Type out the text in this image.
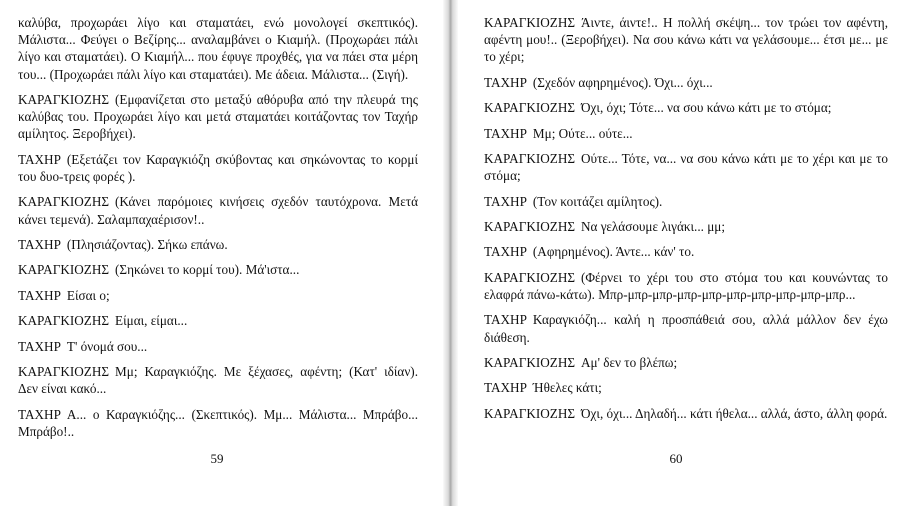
καλύβα, προχωράει λίγο και σταματάει, ενώ μονολογεί σκεπτικός). Μάλιστα... Φεύγει ο Βεζίρης... αναλαμβάνει ο Κιαμήλ. (Προχωράει πάλι λίγο και σταματάει). Ο Κιαμήλ... που έφυγε προχθές, για να πάει στα μέρη του... (Προχωράει πάλι λίγο και σταματάει). Με άδεια. Μάλιστα... (Σιγή).

ΚΑΡΑΓΚΙΟΖΗΣ (Εμφανίζεται στο μεταξύ αθόρυβα από την πλευρά της καλύβας του. Προχωράει λίγο και μετά σταματάει κοιτάζοντας τον Ταχήρ αμίλητος. Ξεροβήχει).

ΤΑΧΗΡ (Εξετάζει τον Καραγκιόζη σκύβοντας και σηκώνοντας το κορμί του δυο-τρεις φορές ).

ΚΑΡΑΓΚΙΟΖΗΣ (Κάνει παρόμοιες κινήσεις σχεδόν ταυτόχρονα. Μετά κάνει τεμενά). Σαλαμπαχαέρισον!..

ΤΑΧΗΡ (Πλησιάζοντας). Σήκω επάνω.

ΚΑΡΑΓΚΙΟΖΗΣ (Σηκώνει το κορμί του). Μά'ιστα...

ΤΑΧΗΡ Είσαι ο;

ΚΑΡΑΓΚΙΟΖΗΣ Είμαι, είμαι...

ΤΑΧΗΡ Τ' όνομά σου...

ΚΑΡΑΓΚΙΟΖΗΣ Μμ; Καραγκιόζης. Με ξέχασες, αφέντη; (Κατ' ιδίαν). Δεν είναι κακό...

ΤΑΧΗΡ Α... ο Καραγκιόζης... (Σκεπτικός). Μμ... Μάλιστα... Μπράβο... Μπράβο!..

59

ΚΑΡΑΓΚΙΟΖΗΣ Άιντε, άιντε!.. Η πολλή σκέψη... τον τρώει τον αφέντη, αφέντη μου!.. (Ξεροβήχει). Να σου κάνω κάτι να γελάσουμε... έτσι με... με το χέρι;

ΤΑΧΗΡ (Σχεδόν αφηρημένος). Όχι... όχι...

ΚΑΡΑΓΚΙΟΖΗΣ Όχι, όχι; Τότε... να σου κάνω κάτι με το στόμα;

ΤΑΧΗΡ Μμ; Ούτε... ούτε...

ΚΑΡΑΓΚΙΟΖΗΣ Ούτε... Τότε, να... να σου κάνω κάτι με το χέρι και με το στόμα;

ΤΑΧΗΡ (Τον κοιτάζει αμίλητος).

ΚΑΡΑΓΚΙΟΖΗΣ Να γελάσουμε λιγάκι... μμ;

ΤΑΧΗΡ (Αφηρημένος). Άντε... κάν' το.

ΚΑΡΑΓΚΙΟΖΗΣ (Φέρνει το χέρι του στο στόμα του και κουνώντας το ελαφρά πάνω-κάτω). Μπρ-μπρ-μπρ-μπρ-μπρ-μπρ-μπρ-μπρ-μπρ-μπρ...

ΤΑΧΗΡ Καραγκιόζη... καλή η προσπάθειά σου, αλλά μάλλον δεν έχω διάθεση.

ΚΑΡΑΓΚΙΟΖΗΣ Αμ' δεν το βλέπω;

ΤΑΧΗΡ Ήθελες κάτι;

ΚΑΡΑΓΚΙΟΖΗΣ Όχι, όχι... Δηλαδή... κάτι ήθελα... αλλά, άστο, άλλη φορά.

60
